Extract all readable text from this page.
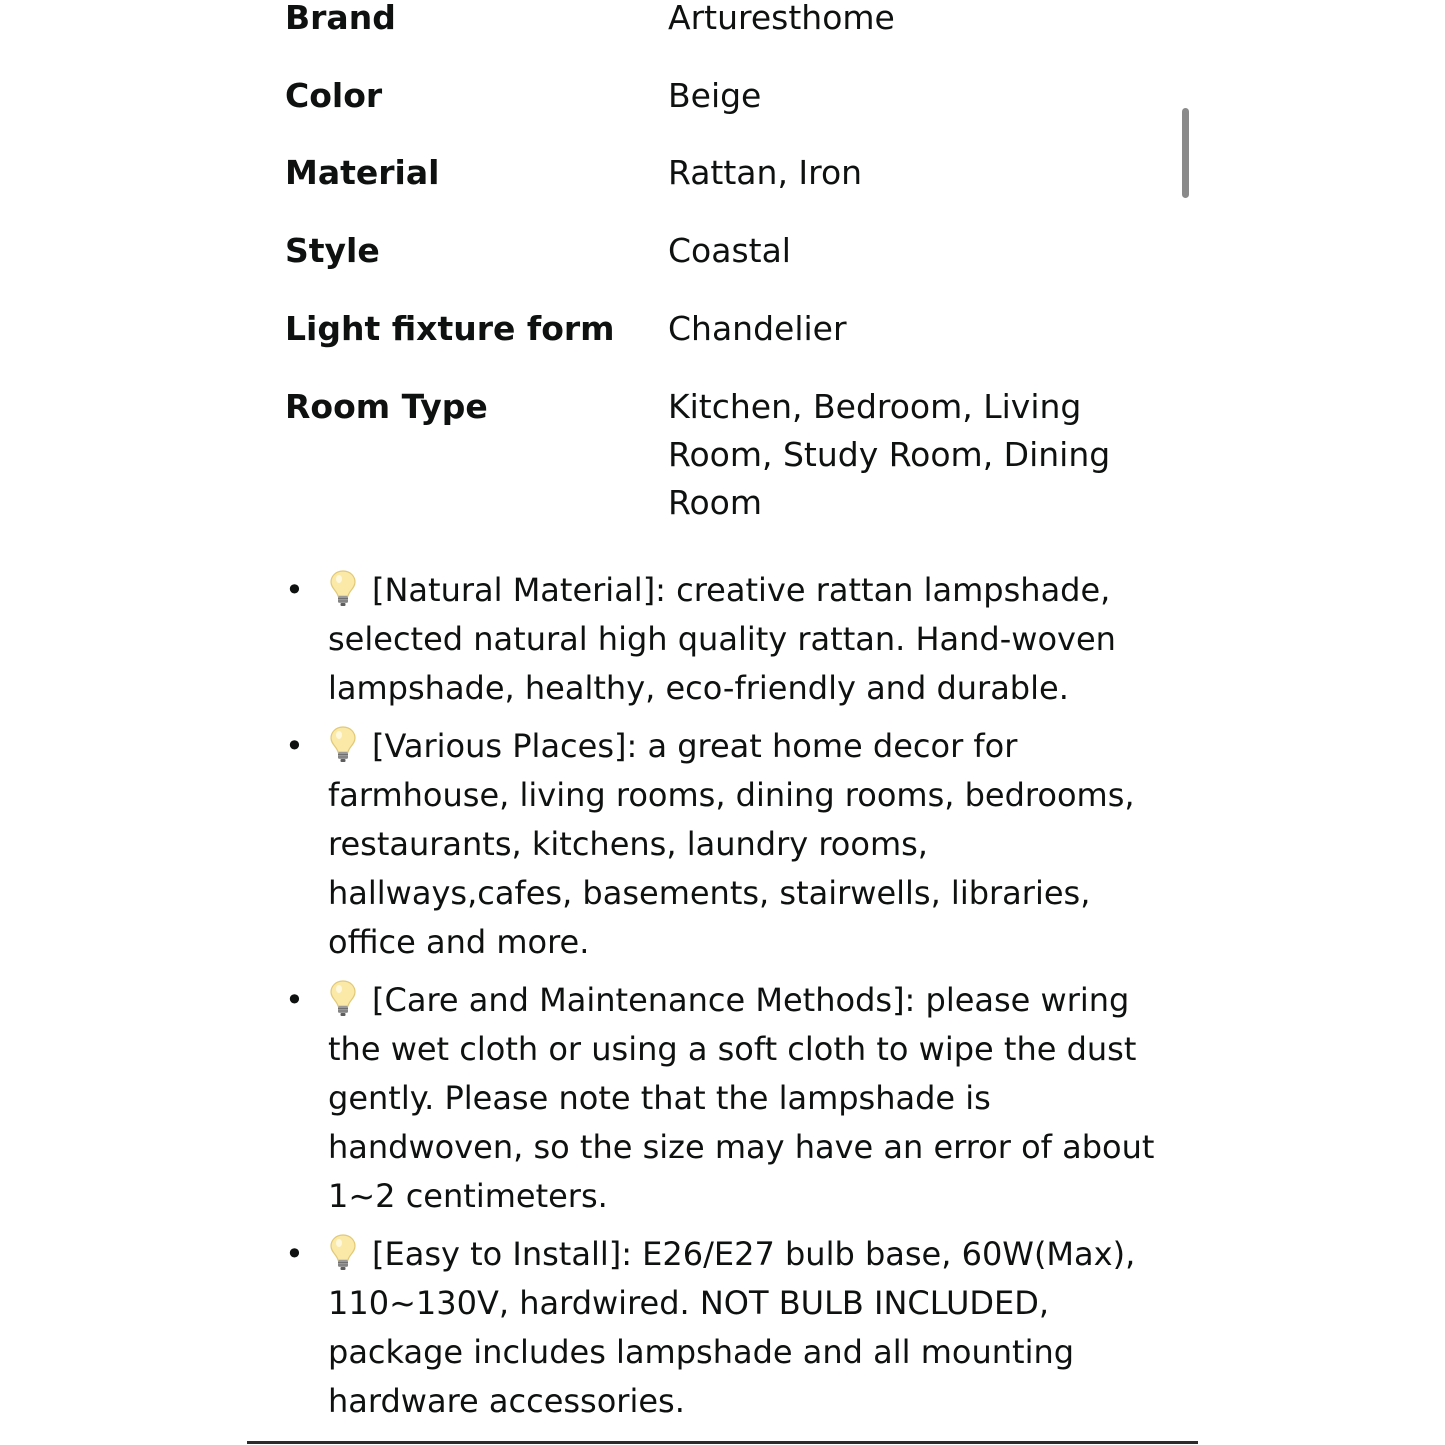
Brand	Arturesthome
Color	Beige
Material	Rattan, Iron
Style	Coastal
Light fixture form	Chandelier
Room Type	Kitchen, Bedroom, Living Room, Study Room, Dining Room
• [Natural Material]: creative rattan lampshade, selected natural high quality rattan. Hand-woven lampshade, healthy, eco-friendly and durable.
• [Various Places]: a great home decor for farmhouse, living rooms, dining rooms, bedrooms, restaurants, kitchens, laundry rooms, hallways,cafes, basements, stairwells, libraries, office and more.
• [Care and Maintenance Methods]: please wring the wet cloth or using a soft cloth to wipe the dust gently. Please note that the lampshade is handwoven, so the size may have an error of about 1~2 centimeters.
• [Easy to Install]: E26/E27 bulb base, 60W(Max), 110~130V, hardwired. NOT BULB INCLUDED, package includes lampshade and all mounting hardware accessories.
